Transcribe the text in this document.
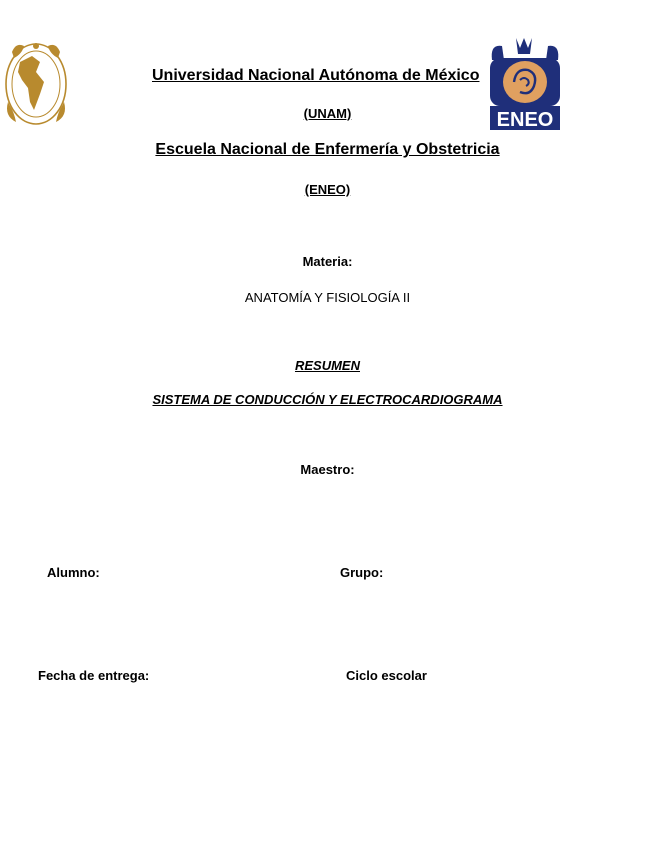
ENEO
Universidad Nacional Autónoma de México
(UNAM)
Escuela Nacional de Enfermería y Obstetricia
(ENEO)
Materia:
ANATOMÍA Y FISIOLOGÍA II
RESUMEN
SISTEMA DE CONDUCCIÓN Y ELECTROCARDIOGRAMA
Maestro:
Alumno:	Grupo:
Fecha de entrega:	Ciclo escolar
